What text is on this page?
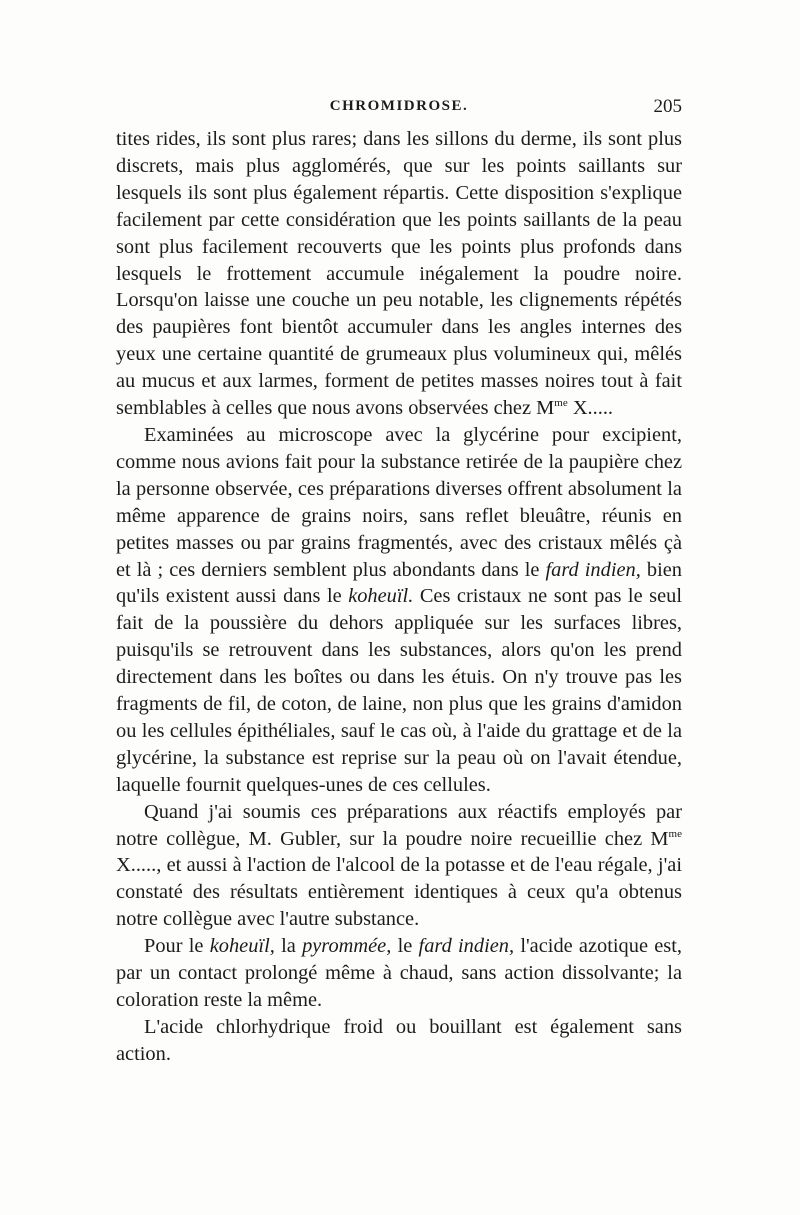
CHROMIDROSE.	205

tites rides, ils sont plus rares; dans les sillons du derme, ils sont plus discrets, mais plus agglomérés, que sur les points saillants sur lesquels ils sont plus également répartis. Cette disposition s'explique facilement par cette considération que les points saillants de la peau sont plus facilement recouverts que les points plus profonds dans lesquels le frottement accumule inégalement la poudre noire. Lorsqu'on laisse une couche un peu notable, les clignements répétés des paupières font bientôt accumuler dans les angles internes des yeux une certaine quantité de grumeaux plus volumineux qui, mêlés au mucus et aux larmes, forment de petites masses noires tout à fait semblables à celles que nous avons observées chez $M^{me}$ X.....

Examinées au microscope avec la glycérine pour excipient, comme nous avions fait pour la substance retirée de la paupière chez la personne observée, ces préparations diverses offrent absolument la même apparence de grains noirs, sans reflet bleuâtre, réunis en petites masses ou par grains fragmentés, avec des cristaux mêlés çà et là ; ces derniers semblent plus abondants dans le fard indien, bien qu'ils existent aussi dans le koheuïl. Ces cristaux ne sont pas le seul fait de la poussière du dehors appliquée sur les surfaces libres, puisqu'ils se retrouvent dans les substances, alors qu'on les prend directement dans les boîtes ou dans les étuis. On n'y trouve pas les fragments de fil, de coton, de laine, non plus que les grains d'amidon ou les cellules épithéliales, sauf le cas où, à l'aide du grattage et de la glycérine, la substance est reprise sur la peau où on l'avait étendue, laquelle fournit quelques-unes de ces cellules.

Quand j'ai soumis ces préparations aux réactifs employés par notre collègue, M. Gubler, sur la poudre noire recueillie chez $M^{me}$ X....., et aussi à l'action de l'alcool de la potasse et de l'eau régale, j'ai constaté des résultats entièrement identiques à ceux qu'a obtenus notre collègue avec l'autre substance.

Pour le koheuïl, la pyrommée, le fard indien, l'acide azotique est, par un contact prolongé même à chaud, sans action dissolvante; la coloration reste la même.

L'acide chlorhydrique froid ou bouillant est également sans action.
